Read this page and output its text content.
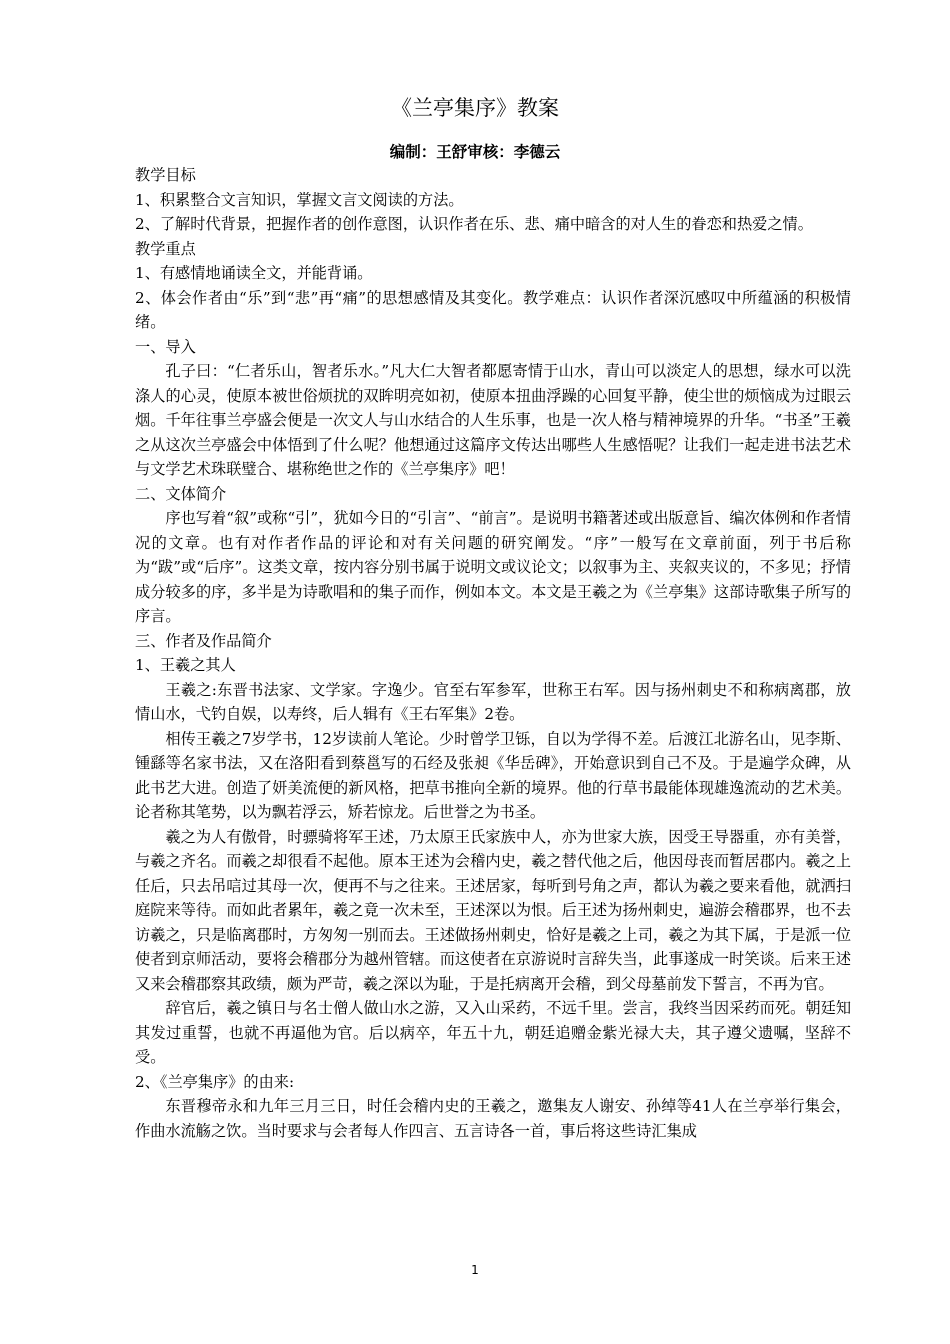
《兰亭集序》教案
编制：王舒审核：李德云

教学目标

1、积累整合文言知识，掌握文言文阅读的方法。

2、了解时代背景，把握作者的创作意图，认识作者在乐、悲、痛中暗含的对人生的眷恋和热爱之情。

教学重点

1、有感情地诵读全文，并能背诵。

2、体会作者由“乐”到“悲”再“痛”的思想感情及其变化。教学难点：认识作者深沉感叹中所蕴涵的积极情绪。

一、导入

孔子曰：“仁者乐山，智者乐水。”凡大仁大智者都愿寄情于山水，青山可以淡定人的思想，绿水可以洗涤人的心灵，使原本被世俗烦扰的双眸明亮如初，使原本扭曲浮躁的心回复平静，使尘世的烦恼成为过眼云烟。千年往事兰亭盛会便是一次文人与山水结合的人生乐事，也是一次人格与精神境界的升华。“书圣”王羲之从这次兰亭盛会中体悟到了什么呢？他想通过这篇序文传达出哪些人生感悟呢？让我们一起走进书法艺术与文学艺术珠联璧合、堪称绝世之作的《兰亭集序》吧！

二、文体简介

序也写着“叙”或称“引”，犹如今日的“引言”、“前言”。是说明书籍著述或出版意旨、编次体例和作者情况的文章。也有对作者作品的评论和对有关问题的研究阐发。“序”一般写在文章前面，列于书后称为“跋”或“后序”。这类文章，按内容分别书属于说明文或议论文；以叙事为主、夹叙夹议的，不多见；抒情成分较多的序，多半是为诗歌唱和的集子而作，例如本文。本文是王羲之为《兰亭集》这部诗歌集子所写的序言。

三、作者及作品简介

1、王羲之其人

王羲之:东晋书法家、文学家。字逸少。官至右军参军，世称王右军。因与扬州刺史不和称病离郡，放情山水，弋钓自娱，以寿终，后人辑有《王右军集》2卷。

相传王羲之7岁学书，12岁读前人笔论。少时曾学卫铄，自以为学得不差。后渡江北游名山，见李斯、锺繇等名家书法，又在洛阳看到蔡邕写的石经及张昶《华岳碑》，开始意识到自己不及。于是遍学众碑，从此书艺大进。创造了妍美流便的新风格，把草书推向全新的境界。他的行草书最能体现雄逸流动的艺术美。论者称其笔势，以为飘若浮云，矫若惊龙。后世誉之为书圣。

羲之为人有傲骨，时骠骑将军王述，乃太原王氏家族中人，亦为世家大族，因受王导器重，亦有美誉，与羲之齐名。而羲之却很看不起他。原本王述为会稽内史，羲之替代他之后，他因母丧而暂居郡内。羲之上任后，只去吊唁过其母一次，便再不与之往来。王述居家，每听到号角之声，都认为羲之要来看他，就洒扫庭院来等待。而如此者累年，羲之竟一次未至，王述深以为恨。后王述为扬州刺史，遍游会稽郡界，也不去访羲之，只是临离郡时，方匆匆一别而去。王述做扬州刺史，恰好是羲之上司，羲之为其下属，于是派一位使者到京师活动，要将会稽郡分为越州管辖。而这使者在京游说时言辞失当，此事遂成一时笑谈。后来王述又来会稽郡察其政绩，颇为严苛，羲之深以为耻，于是托病离开会稽，到父母墓前发下誓言，不再为官。

辞官后，羲之镇日与名士僧人做山水之游，又入山采药，不远千里。尝言，我终当因采药而死。朝廷知其发过重誓，也就不再逼他为官。后以病卒，年五十九，朝廷追赠金紫光禄大夫，其子遵父遗嘱，坚辞不受。

2、《兰亭集序》的由来:

东晋穆帝永和九年三月三日，时任会稽内史的王羲之，邀集友人谢安、孙绰等41人在兰亭举行集会，作曲水流觞之饮。当时要求与会者每人作四言、五言诗各一首，事后将这些诗汇集成

1
